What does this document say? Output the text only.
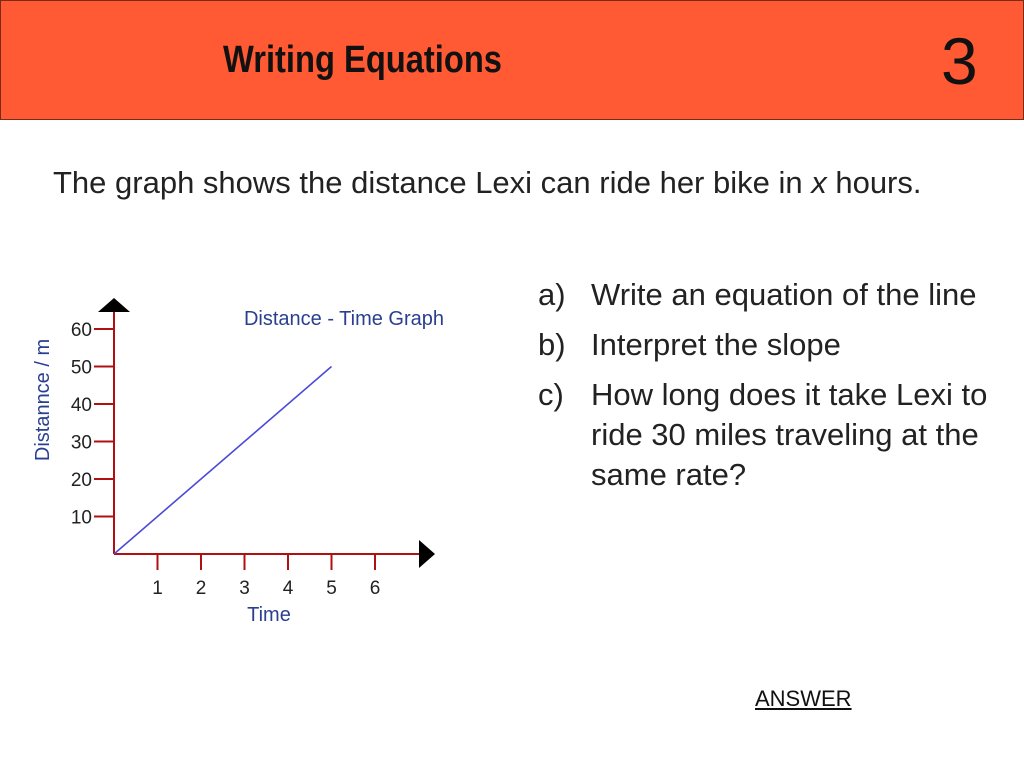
Writing Equations	3
The graph shows the distance Lexi can ride her bike in x hours.
10
20
30
40
50
60
1 2 3 4 5 6
Distance - Time Graph
Time
Distannce / m
a) Write an equation of the line
b) Interpret the slope
c) How long does it take Lexi to ride 30 miles traveling at the same rate?
ANSWER
